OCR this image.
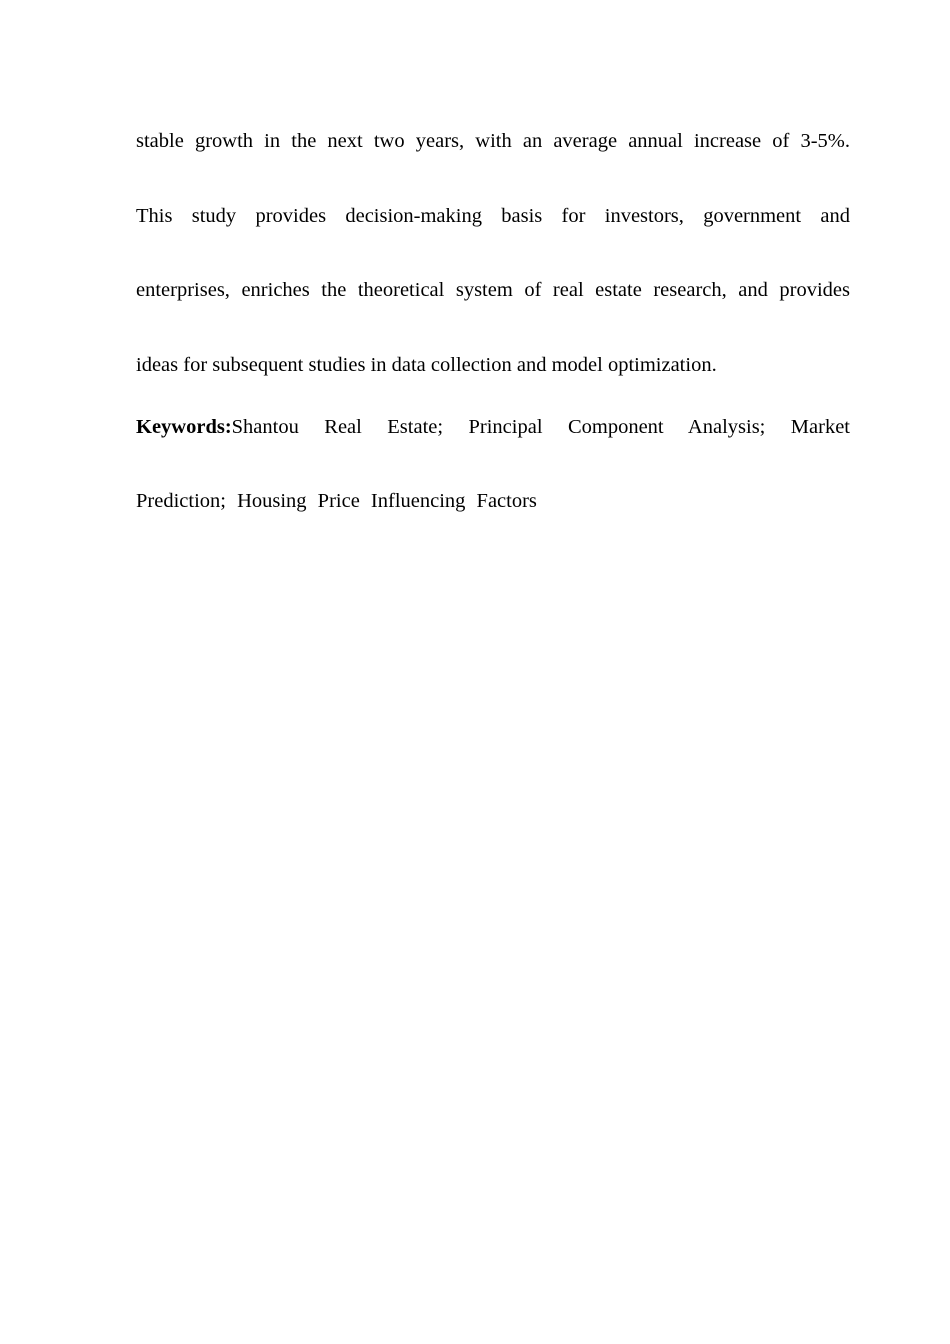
stable growth in the next two years, with an average annual increase of 3-5%.
This study provides decision-making basis for investors, government and
enterprises, enriches the theoretical system of real estate research, and provides
ideas for subsequent studies in data collection and model optimization.
Keywords:Shantou Real Estate; Principal Component Analysis; Market
Prediction; Housing Price Influencing Factors
